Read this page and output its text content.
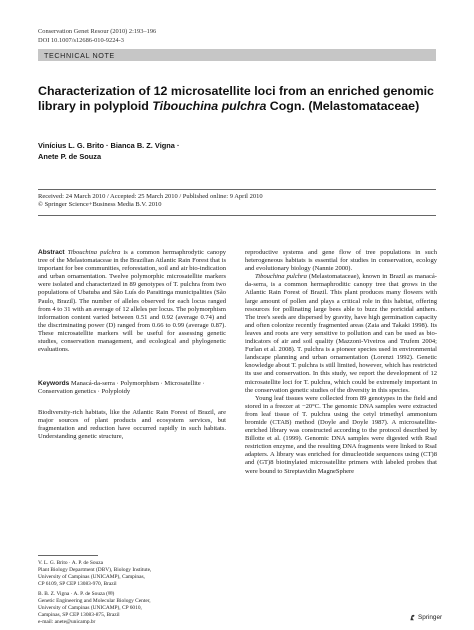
Conservation Genet Resour (2010) 2:193–196
DOI 10.1007/s12686-010-9224-3
TECHNICAL NOTE
Characterization of 12 microsatellite loci from an enriched genomic library in polyploid Tibouchina pulchra Cogn. (Melastomataceae)
Vinícius L. G. Brito · Bianca B. Z. Vigna ·
Anete P. de Souza
Received: 24 March 2010 / Accepted: 25 March 2010 / Published online: 9 April 2010
© Springer Science+Business Media B.V. 2010

Abstract Tibouchina pulchra is a common hermaphrodytic canopy tree of the Melastomataceae in the Brazilian Atlantic Rain Forest that is important for bee communities, reforestation, soil and air bio-indication and urban ornamentation. Twelve polymorphic microsatellite markers were isolated and characterized in 89 genotypes of T. pulchra from two populations of Ubatuba and São Luís do Paraitinga municipalities (São Paulo, Brazil). The number of alleles observed for each locus ranged from 4 to 31 with an average of 12 alleles per locus. The polymorphism information content varied between 0.51 and 0.92 (average 0.74) and the discriminating power (D) ranged from 0.66 to 0.99 (average 0.87). These microsatellite markers will be useful for assessing genetic studies, conservation management, and ecological and phylogenetic evaluations.

Keywords Manacá-da-serra · Polymorphism · Microsatellite · Conservation genetics · Polyploidy

Biodiversity-rich habitats, like the Atlantic Rain Forest of Brazil, are major sources of plant products and ecosystem services, but fragmentation and reduction have occurred rapidly in such habitats. Understanding genetic structure,

V. L. G. Brito · A. P. de Souza
Plant Biology Department (DBV), Biology Institute,
University of Campinas (UNICAMP), Campinas,
CP 6109, SP CEP 13083-970, Brazil

reproductive systems and gene flow of tree populations in such heterogeneous habitats is essential for studies in conservation, ecology and evolutionary biology (Nannie 2000).

Tibouchina pulchra (Melastomataceae), known in Brazil as manacá-da-serra, is a common hermaphroditic canopy tree that grows in the Atlantic Rain Forest of Brazil. This plant produces many flowers with large amount of pollen and plays a critical role in this habitat, offering resources for pollinating large bees able to buzz the poricidal anthers. The tree's seeds are dispersed by gravity, have high germination capacity and often colonize recently fragmented areas (Zaia and Takaki 1998). Its leaves and roots are very sensitive to pollution and can be used as bio-indicators of air and soil quality (Mazzoni-Viveiros and Trufem 2004; Furlan et al. 2008). T. pulchra is a pioneer species used in environmental landscape planning and urban ornamentation (Lorenzi 1992). Genetic knowledge about T. pulchra is still limited, however, which has restricted its use and conservation. In this study, we report the development of 12 microsatellite loci for T. pulchra, which could be extremely important in the conservation genetic studies of the diversity in this species.

Young leaf tissues were collected from 89 genotypes in the field and stored in a freezer at −20°C. The genomic DNA samples were extracted from leaf tissue of T. pulchra using the cetyl trimethyl ammonium bromide (CTAB) method (Doyle and Doyle 1987). A microsatellite-enriched library was constructed according to the protocol described by Billotte et al. (1999). Genomic DNA samples were digested with RsaI restriction enzyme, and the resulting DNA fragments were linked to RsaI adapters. A library was enriched for dinucleotide sequences using (CT)8 and (GT)8 biotinylated microsatellite primers with labeled probes that were bound to Streptavidin MagneSphere

Springer
B. B. Z. Vigna · A. P. de Souza (✉)
Genetic Engineering and Molecular Biology Center,
University of Campinas (UNICAMP), CP 6010,
Campinas, SP CEP 13083-875, Brazil
e-mail: anete@unicamp.br
